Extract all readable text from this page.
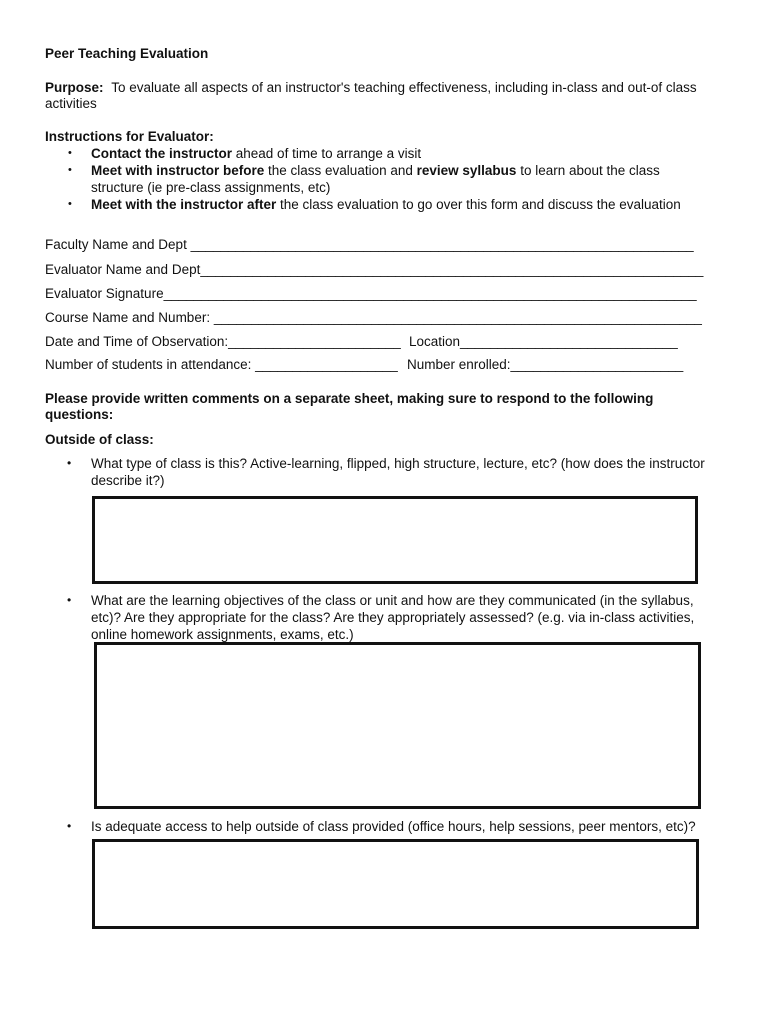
Peer Teaching Evaluation
Purpose: To evaluate all aspects of an instructor's teaching effectiveness, including in-class and out-of class
activities
Instructions for Evaluator:
• Contact the instructor ahead of time to arrange a visit
• Meet with instructor before the class evaluation and review syllabus to learn about the class
structure (ie pre-class assignments, etc)
• Meet with the instructor after the class evaluation to go over this form and discuss the evaluation
Faculty Name and Dept ___________________________________________________________________
Evaluator Name and Dept___________________________________________________________________
Evaluator Signature_______________________________________________________________________
Course Name and Number: _________________________________________________________________
Date and Time of Observation:_______________________ Location_____________________________
Number of students in attendance: ___________________ Number enrolled:_______________________
Please provide written comments on a separate sheet, making sure to respond to the following
questions:
Outside of class:
• What type of class is this? Active-learning, flipped, high structure, lecture, etc? (how does the instructor
describe it?)
• What are the learning objectives of the class or unit and how are they communicated (in the syllabus,
etc)? Are they appropriate for the class? Are they appropriately assessed? (e.g. via in-class activities,
online homework assignments, exams, etc.)
• Is adequate access to help outside of class provided (office hours, help sessions, peer mentors, etc)?
